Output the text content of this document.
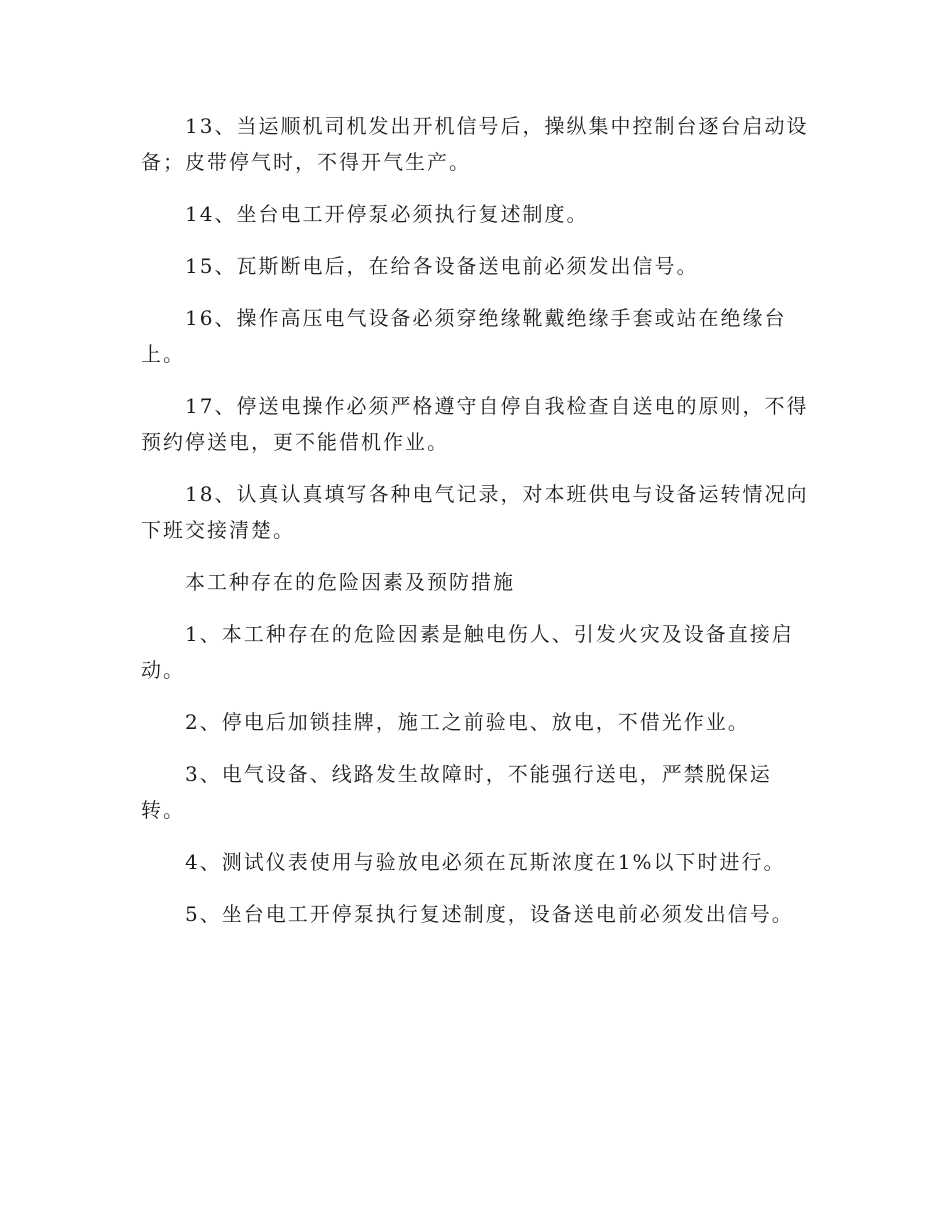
13、当运顺机司机发出开机信号后，操纵集中控制台逐台启动设备；皮带停气时，不得开气生产。

14、坐台电工开停泵必须执行复述制度。

15、瓦斯断电后，在给各设备送电前必须发出信号。

16、操作高压电气设备必须穿绝缘靴戴绝缘手套或站在绝缘台上。

17、停送电操作必须严格遵守自停自我检查自送电的原则，不得预约停送电，更不能借机作业。

18、认真认真填写各种电气记录，对本班供电与设备运转情况向下班交接清楚。

本工种存在的危险因素及预防措施

1、本工种存在的危险因素是触电伤人、引发火灾及设备直接启动。

2、停电后加锁挂牌，施工之前验电、放电，不借光作业。

3、电气设备、线路发生故障时，不能强行送电，严禁脱保运转。

4、测试仪表使用与验放电必须在瓦斯浓度在1%以下时进行。

5、坐台电工开停泵执行复述制度，设备送电前必须发出信号。
